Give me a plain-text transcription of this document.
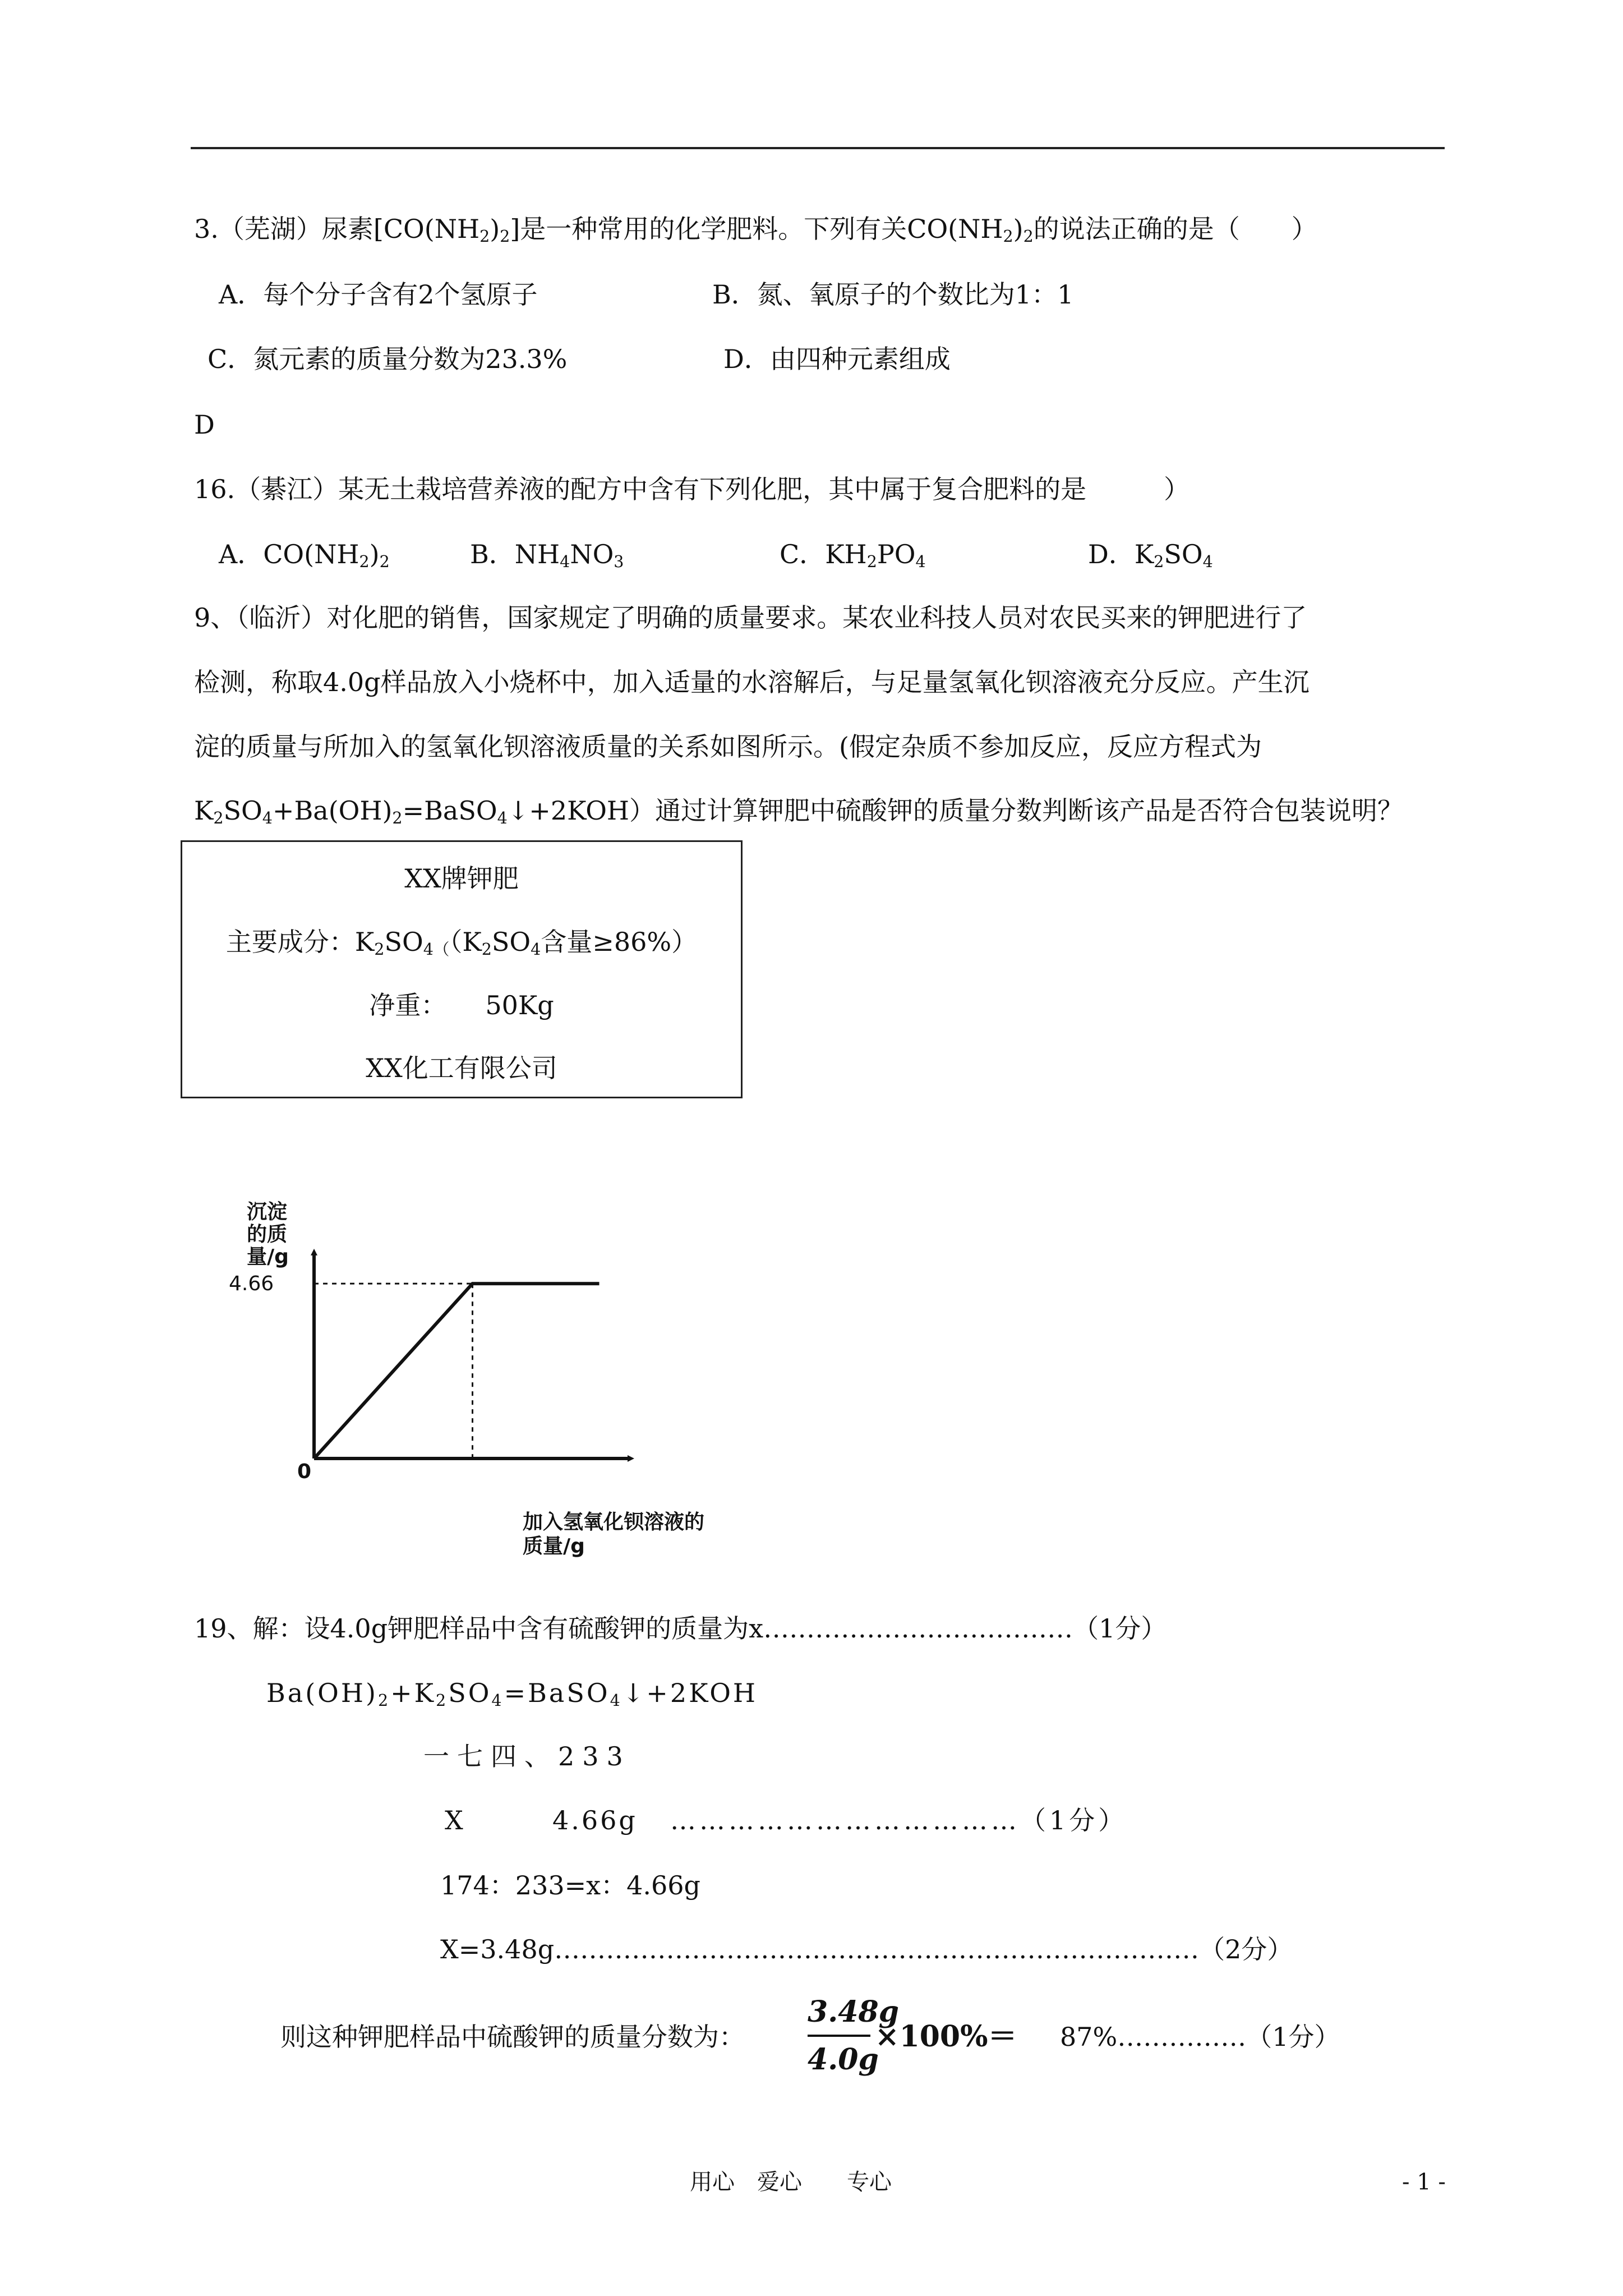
3.（芜湖）尿素$[CO(NH_2)_2]$是一种常用的化学肥料。下列有关$CO(NH_2)_2$的说法正确的是（　　）
A．每个分子含有2个氢原子	B．氮、氧原子的个数比为1：1
C．氮元素的质量分数为23.3%	D．由四种元素组成
D
16.（綦江）某无土栽培营养液的配方中含有下列化肥，其中属于复合肥料的是　　　）
A．$CO(NH_2)_2$	B．$NH_4NO_3$	C．$KH_2PO_4$	D．$K_2SO_4$
9、（临沂）对化肥的销售，国家规定了明确的质量要求。某农业科技人员对农民买来的钾肥进行了
检测，称取4.0g样品放入小烧杯中，加入适量的水溶解后，与足量氢氧化钡溶液充分反应。产生沉
淀的质量与所加入的氢氧化钡溶液质量的关系如图所示。(假定杂质不参加反应，反应方程式为
$K_2SO_4+Ba(OH)_2=BaSO_4↓+2KOH$）通过计算钾肥中硫酸钾的质量分数判断该产品是否符合包装说明？
XX牌钾肥
主要成分：$K_2SO_{4(}(K_2SO_4$含量≥86%）
净重：　　50Kg
XX化工有限公司
沉淀
的质
量/g
4.66
0
加入氢氧化钡溶液的
质量/g
19、解：设4.0g钾肥样品中含有硫酸钾的质量为x………………………………（1分）
$Ba(OH)_2+K_2SO_4=BaSO_4↓+2KOH$
一七四、233
X	4.66g ………………………………（1分）
174：233=x：4.66g
X=3.48g…………………………………………………………………（2分）
则这种钾肥样品中硫酸钾的质量分数为：
3.48g
4.0g
×100%＝ 87%……………（1分）
用心　爱心　　专心	- 1 -
